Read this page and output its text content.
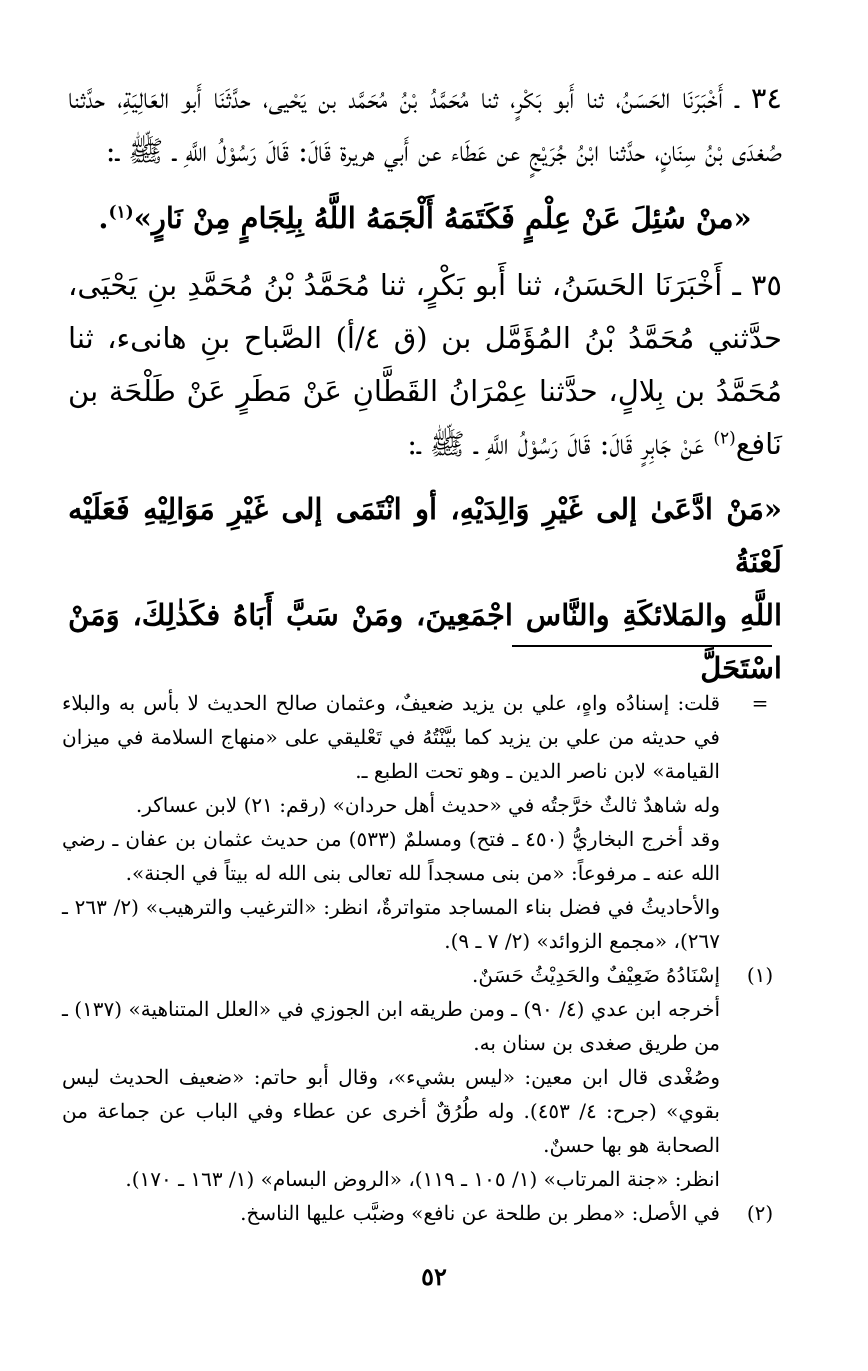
٣٤ ـ أَخْبَرَنَا الحَسَنُ، ثنا أَبو بَكْرٍ، ثنا مُحَمَّدُ بْنُ مُحَمَّد بن يَحْيى، حدَّثَنَا أَبو العَالِيَةِ، حدَّثنا صُغدَى بْنُ سِنَانٍ، حدَّثنا ابْنُ جُرَيْجٍ عن عَطَاء عن أَبي هريرة قَالَ: قَالَ رَسُوْلُ اللَّهِ ـ ﷺ ـ:

«منْ سُئِلَ عَنْ عِلْمٍ فَكَتَمَهُ أَلْجَمَهُ اللَّهُ بِلِجَامٍ مِنْ نَارٍ»$^{(١)}$.

٣٥ ـ أَخْبَرَنَا الحَسَنُ، ثنا أَبو بَكْرٍ، ثنا مُحَمَّدُ بْنُ مُحَمَّدِ بنِ يَحْيَى، حدَّثني مُحَمَّدُ بْنُ المُؤَمَّل بن (ق ٤/أ) الصَّباح بنِ هانىء، ثنا مُحَمَّدُ بن بِلالٍ، حدَّثنا عِمْرَانُ القَطَّانِ عَنْ مَطَرٍ عَنْ طَلْحَة بن نَافع$^{(٢)}$ عَنْ جَابِرٍ قَالَ: قَالَ رَسُوْلُ اللَّهِ ـ ﷺ ـ:

«مَنْ ادَّعَىٰ إلى غَيْرِ وَالِدَيْهِ، أو انْتَمَى إلى غَيْرِ مَوَالِيْهِ فَعَلَيْه لَعْنَةُ

اللَّهِ والمَلائكَةِ والنَّاس اجْمَعِينَ، ومَنْ سَبَّ أَبَاهُ فكَذٰلِكَ، وَمَنْ اسْتَحَلَّ

=
قلت: إسنادُه واهٍ، علي بن يزيد ضعيفٌ، وعثمان صالح الحديث لا بأس به والبلاء في حديثه من علي بن يزيد كما بيَّنْتُهُ في تَعْليقي على «منهاج السلامة في ميزان القيامة» لابن ناصر الدين ـ وهو تحت الطبع ـ.
وله شاهدٌ ثالثٌ خرَّجتُه في «حديث أهل حردان» (رقم: ٢١) لابن عساكر.
وقد أخرج البخاريُّ (٤٥٠ ـ فتح) ومسلمٌ (٥٣٣) من حديث عثمان بن عفان ـ رضي الله عنه ـ مرفوعاً: «من بنى مسجداً لله تعالى بنى الله له بيتاً في الجنة».
والأحاديثُ في فضل بناء المساجد متواترةٌ، انظر: «الترغيب والترهيب» (٢/ ٢٦٣ ـ ٢٦٧)، «مجمع الزوائد» (٢/ ٧ ـ ٩).
(١)
إسْنَادُهُ ضَعِيْفٌ والحَدِيْثُ حَسَنٌ.
أخرجه ابن عدي (٤/ ٩٠) ـ ومن طريقه ابن الجوزي في «العلل المتناهية» (١٣٧) ـ من طريق صغدى بن سنان به.
وصُغْدى قال ابن معين: «ليس بشيء»، وقال أبو حاتم: «ضعيف الحديث ليس بقوي» (جرح: ٤/ ٤٥٣). وله طُرُقٌ أخرى عن عطاء وفي الباب عن جماعة من الصحابة هو بها حسنٌ.
انظر: «جنة المرتاب» (١/ ١٠٥ ـ ١١٩)، «الروض البسام» (١/ ١٦٣ ـ ١٧٠).
(٢)
في الأصل: «مطر بن طلحة عن نافع» وضبَّب عليها الناسخ.
٥٢
